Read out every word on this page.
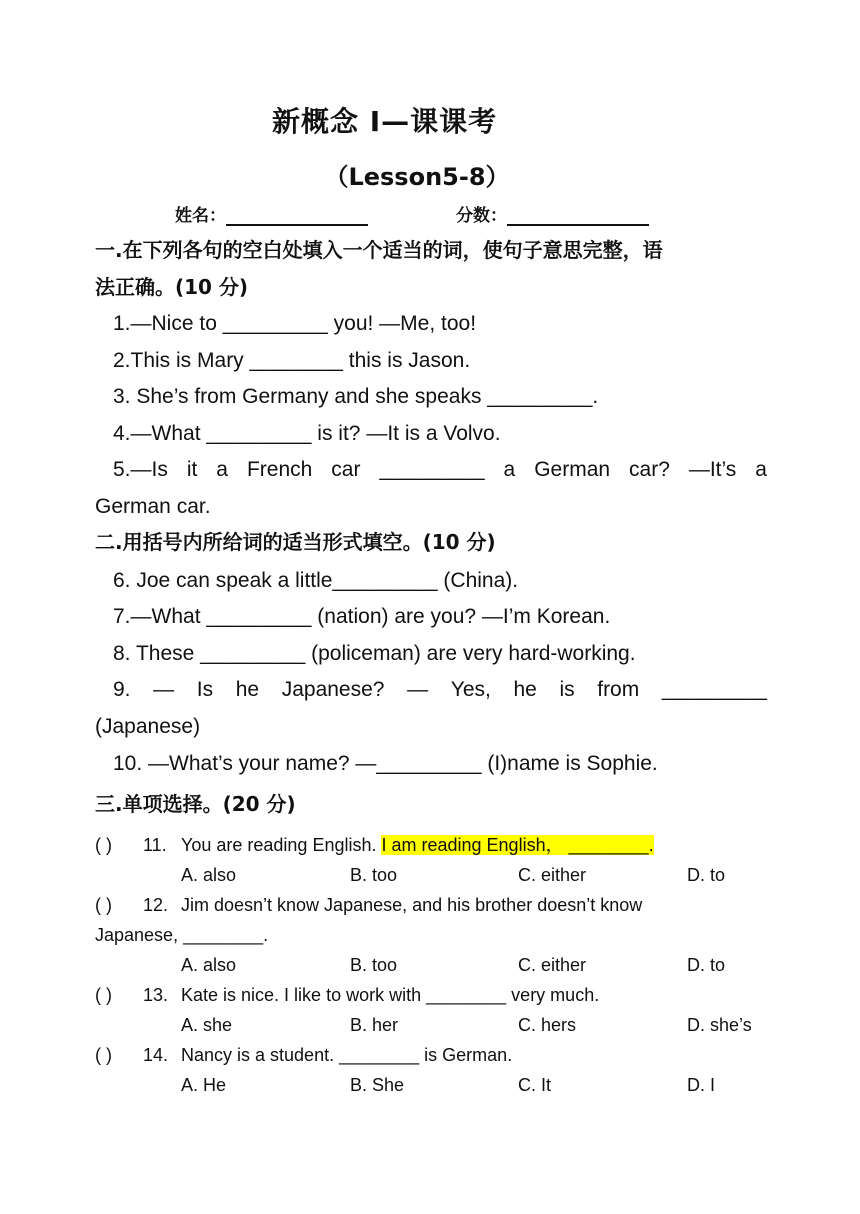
新概念 I—课课考
（Lesson5-8）
姓名：	分数：
一.在下列各句的空白处填入一个适当的词，使句子意思完整，语
法正确。(10 分)
1.—Nice to _________ you! —Me, too!
2.This is Mary ________ this is Jason.
3. She’s from Germany and she speaks _________.
4.—What _________ is it? —It is a Volvo.
5.—Is it a French car _________ a German car? —It’s a
German car.
二.用括号内所给词的适当形式填空。(10 分)
6. Joe can speak a little_________ (China).
7.—What _________ (nation) are you? —I’m Korean.
8. These _________ (policeman) are very hard-working.
9. — Is he Japanese? — Yes, he is from _________
(Japanese)
10. —What’s your name? —_________ (I)name is Sophie.
三.单项选择。(20 分)
( ) 11. You are reading English. I am reading English， ________.
A. also	B. too	C. either	D. to
( ) 12. Jim doesn’t know Japanese, and his brother doesn’t know
Japanese, ________.
A. also	B. too	C. either	D. to
( ) 13. Kate is nice. I like to work with ________ very much.
A. she	B. her	C. hers	D. she’s
( ) 14. Nancy is a student. ________ is German.
A. He	B. She	C. It	D. I
